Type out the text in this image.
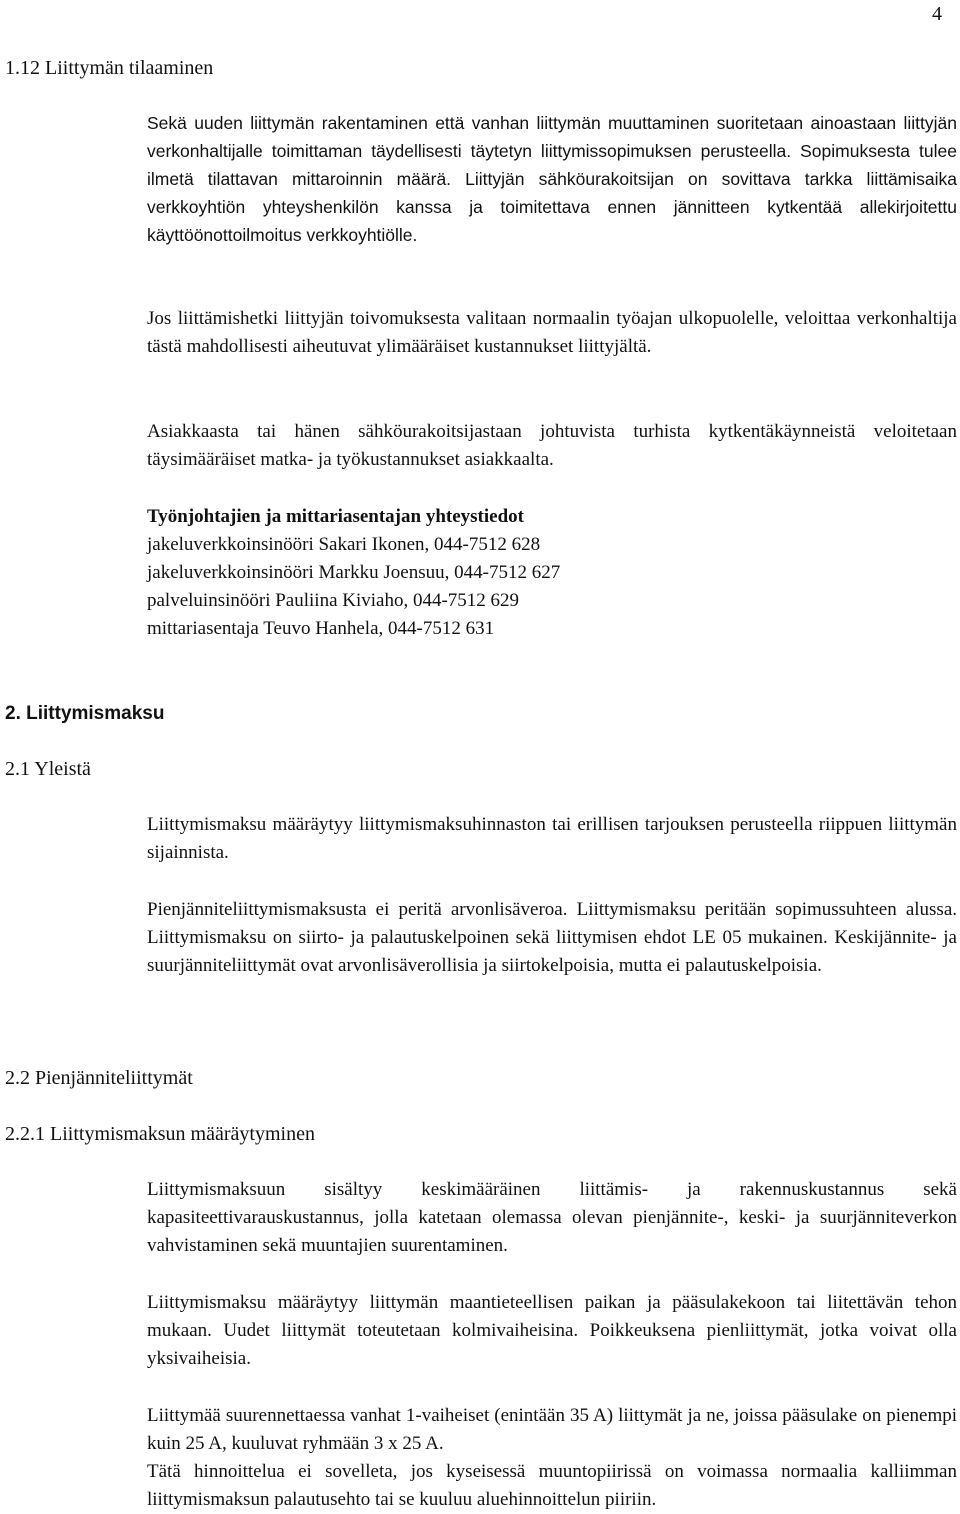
4
1.12 Liittymän tilaaminen

Sekä uuden liittymän rakentaminen että vanhan liittymän muuttaminen suoritetaan ainoastaan liittyjän verkonhaltijalle toimittaman täydellisesti täytetyn liittymissopimuksen perusteella. Sopimuksesta tulee ilmetä tilattavan mittaroinnin määrä. Liittyjän sähköurakoitsijan on sovittava tarkka liittämisaika verkkoyhtiön yhteyshenkilön kanssa ja toimitettava ennen jännitteen kytkentää allekirjoitettu käyttöönottoilmoitus verkkoyhtiölle.

Jos liittämishetki liittyjän toivomuksesta valitaan normaalin työajan ulkopuolelle, veloittaa verkonhaltija tästä mahdollisesti aiheutuvat ylimääräiset kustannukset liittyjältä.

Asiakkaasta tai hänen sähköurakoitsijastaan johtuvista turhista kytkentäkäynneistä veloitetaan täysimääräiset matka- ja työkustannukset asiakkaalta.

Työnjohtajien ja mittariasentajan yhteystiedot
jakeluverkkoinsinööri Sakari Ikonen, 044-7512 628
jakeluverkkoinsinööri Markku Joensuu, 044-7512 627
palveluinsinööri Pauliina Kiviaho, 044-7512 629
mittariasentaja Teuvo Hanhela, 044-7512 631
2. Liittymismaksu
2.1 Yleistä

Liittymismaksu määräytyy liittymismaksuhinnaston tai erillisen tarjouksen perusteella riippuen liittymän sijainnista.

Pienjänniteliittymismaksusta ei peritä arvonlisäveroa. Liittymismaksu peritään sopimussuhteen alussa. Liittymismaksu on siirto- ja palautuskelpoinen sekä liittymisen ehdot LE 05 mukainen. Keskijännite- ja suurjänniteliittymät ovat arvonlisäverollisia ja siirtokelpoisia, mutta ei palautuskelpoisia.

2.2 Pienjänniteliittymät
2.2.1 Liittymismaksun määräytyminen

Liittymismaksuun sisältyy keskimääräinen liittämis- ja rakennuskustannus sekä kapasiteettivarauskustannus, jolla katetaan olemassa olevan pienjännite-, keski- ja suurjänniteverkon vahvistaminen sekä muuntajien suurentaminen.

Liittymismaksu määräytyy liittymän maantieteellisen paikan ja pääsulakekoon tai liitettävän tehon mukaan. Uudet liittymät toteutetaan kolmivaiheisina. Poikkeuksena pienliittymät, jotka voivat olla yksivaiheisia.

Liittymää suurennettaessa vanhat 1-vaiheiset (enintään 35 A) liittymät ja ne, joissa pääsulake on pienempi kuin 25 A, kuuluvat ryhmään 3 x 25 A.

Tätä hinnoittelua ei sovelleta, jos kyseisessä muuntopiirissä on voimassa normaalia kalliimman liittymismaksun palautusehto tai se kuuluu aluehinnoittelun piiriin.
